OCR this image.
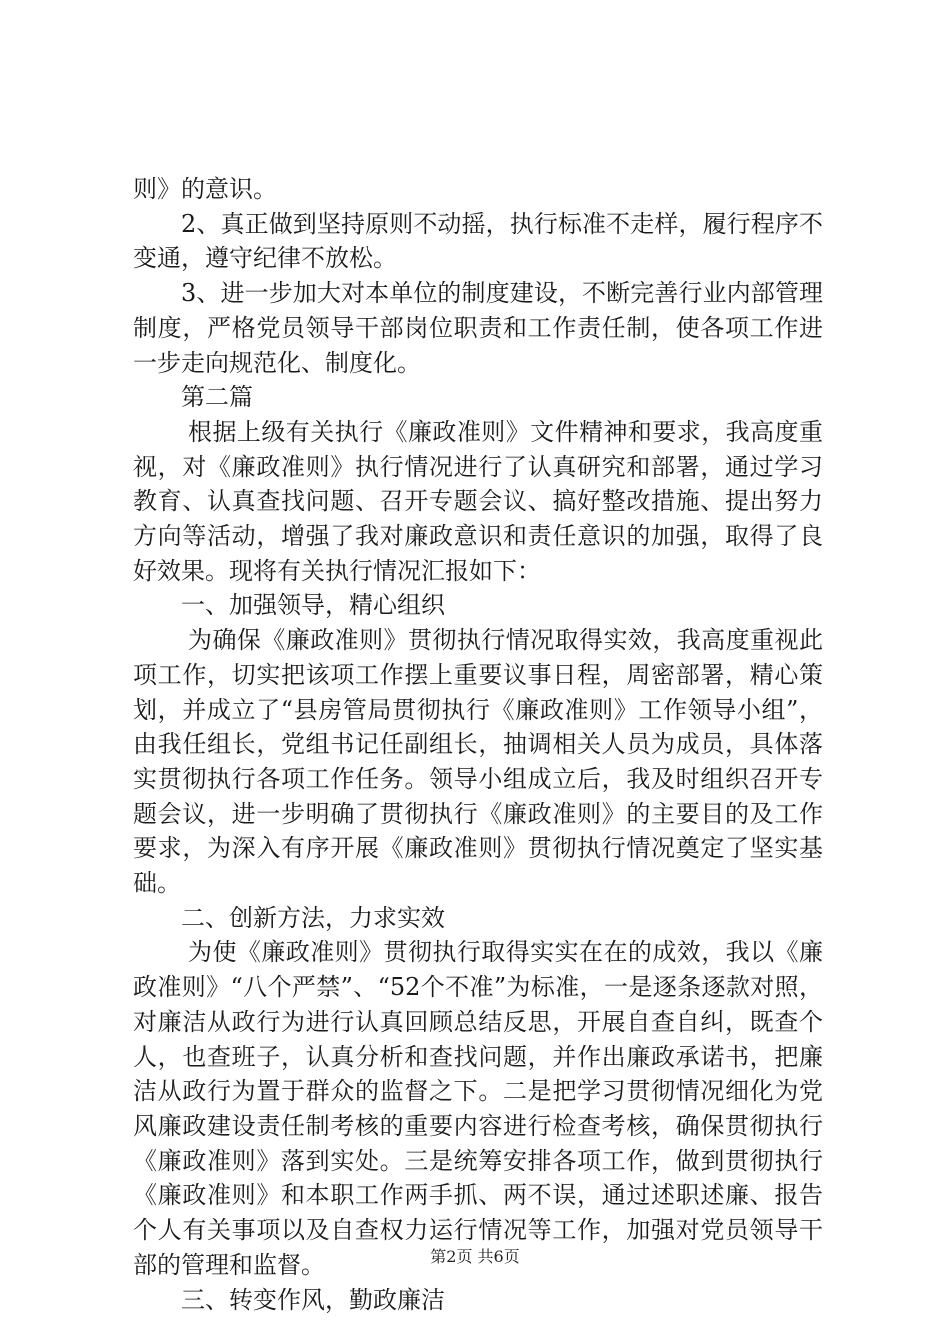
则》的意识。

2、真正做到坚持原则不动摇，执行标准不走样，履行程序不变通，遵守纪律不放松。

3、进一步加大对本单位的制度建设，不断完善行业内部管理制度，严格党员领导干部岗位职责和工作责任制，使各项工作进一步走向规范化、制度化。

第二篇

根据上级有关执行《廉政准则》文件精神和要求，我高度重视，对《廉政准则》执行情况进行了认真研究和部署，通过学习教育、认真查找问题、召开专题会议、搞好整改措施、提出努力方向等活动，增强了我对廉政意识和责任意识的加强，取得了良好效果。现将有关执行情况汇报如下：

一、加强领导，精心组织

为确保《廉政准则》贯彻执行情况取得实效，我高度重视此项工作，切实把该项工作摆上重要议事日程，周密部署，精心策划，并成立了“县房管局贯彻执行《廉政准则》工作领导小组”，由我任组长，党组书记任副组长，抽调相关人员为成员，具体落实贯彻执行各项工作任务。领导小组成立后，我及时组织召开专题会议，进一步明确了贯彻执行《廉政准则》的主要目的及工作要求，为深入有序开展《廉政准则》贯彻执行情况奠定了坚实基础。

二、创新方法，力求实效

为使《廉政准则》贯彻执行取得实实在在的成效，我以《廉政准则》“八个严禁”、“52个不准”为标准，一是逐条逐款对照，对廉洁从政行为进行认真回顾总结反思，开展自查自纠，既查个人，也查班子，认真分析和查找问题，并作出廉政承诺书，把廉洁从政行为置于群众的监督之下。二是把学习贯彻情况细化为党风廉政建设责任制考核的重要内容进行检查考核，确保贯彻执行《廉政准则》落到实处。三是统筹安排各项工作，做到贯彻执行《廉政准则》和本职工作两手抓、两不误，通过述职述廉、报告个人有关事项以及自查权力运行情况等工作，加强对党员领导干部的管理和监督。

三、转变作风，勤政廉洁

第2页 共6页
